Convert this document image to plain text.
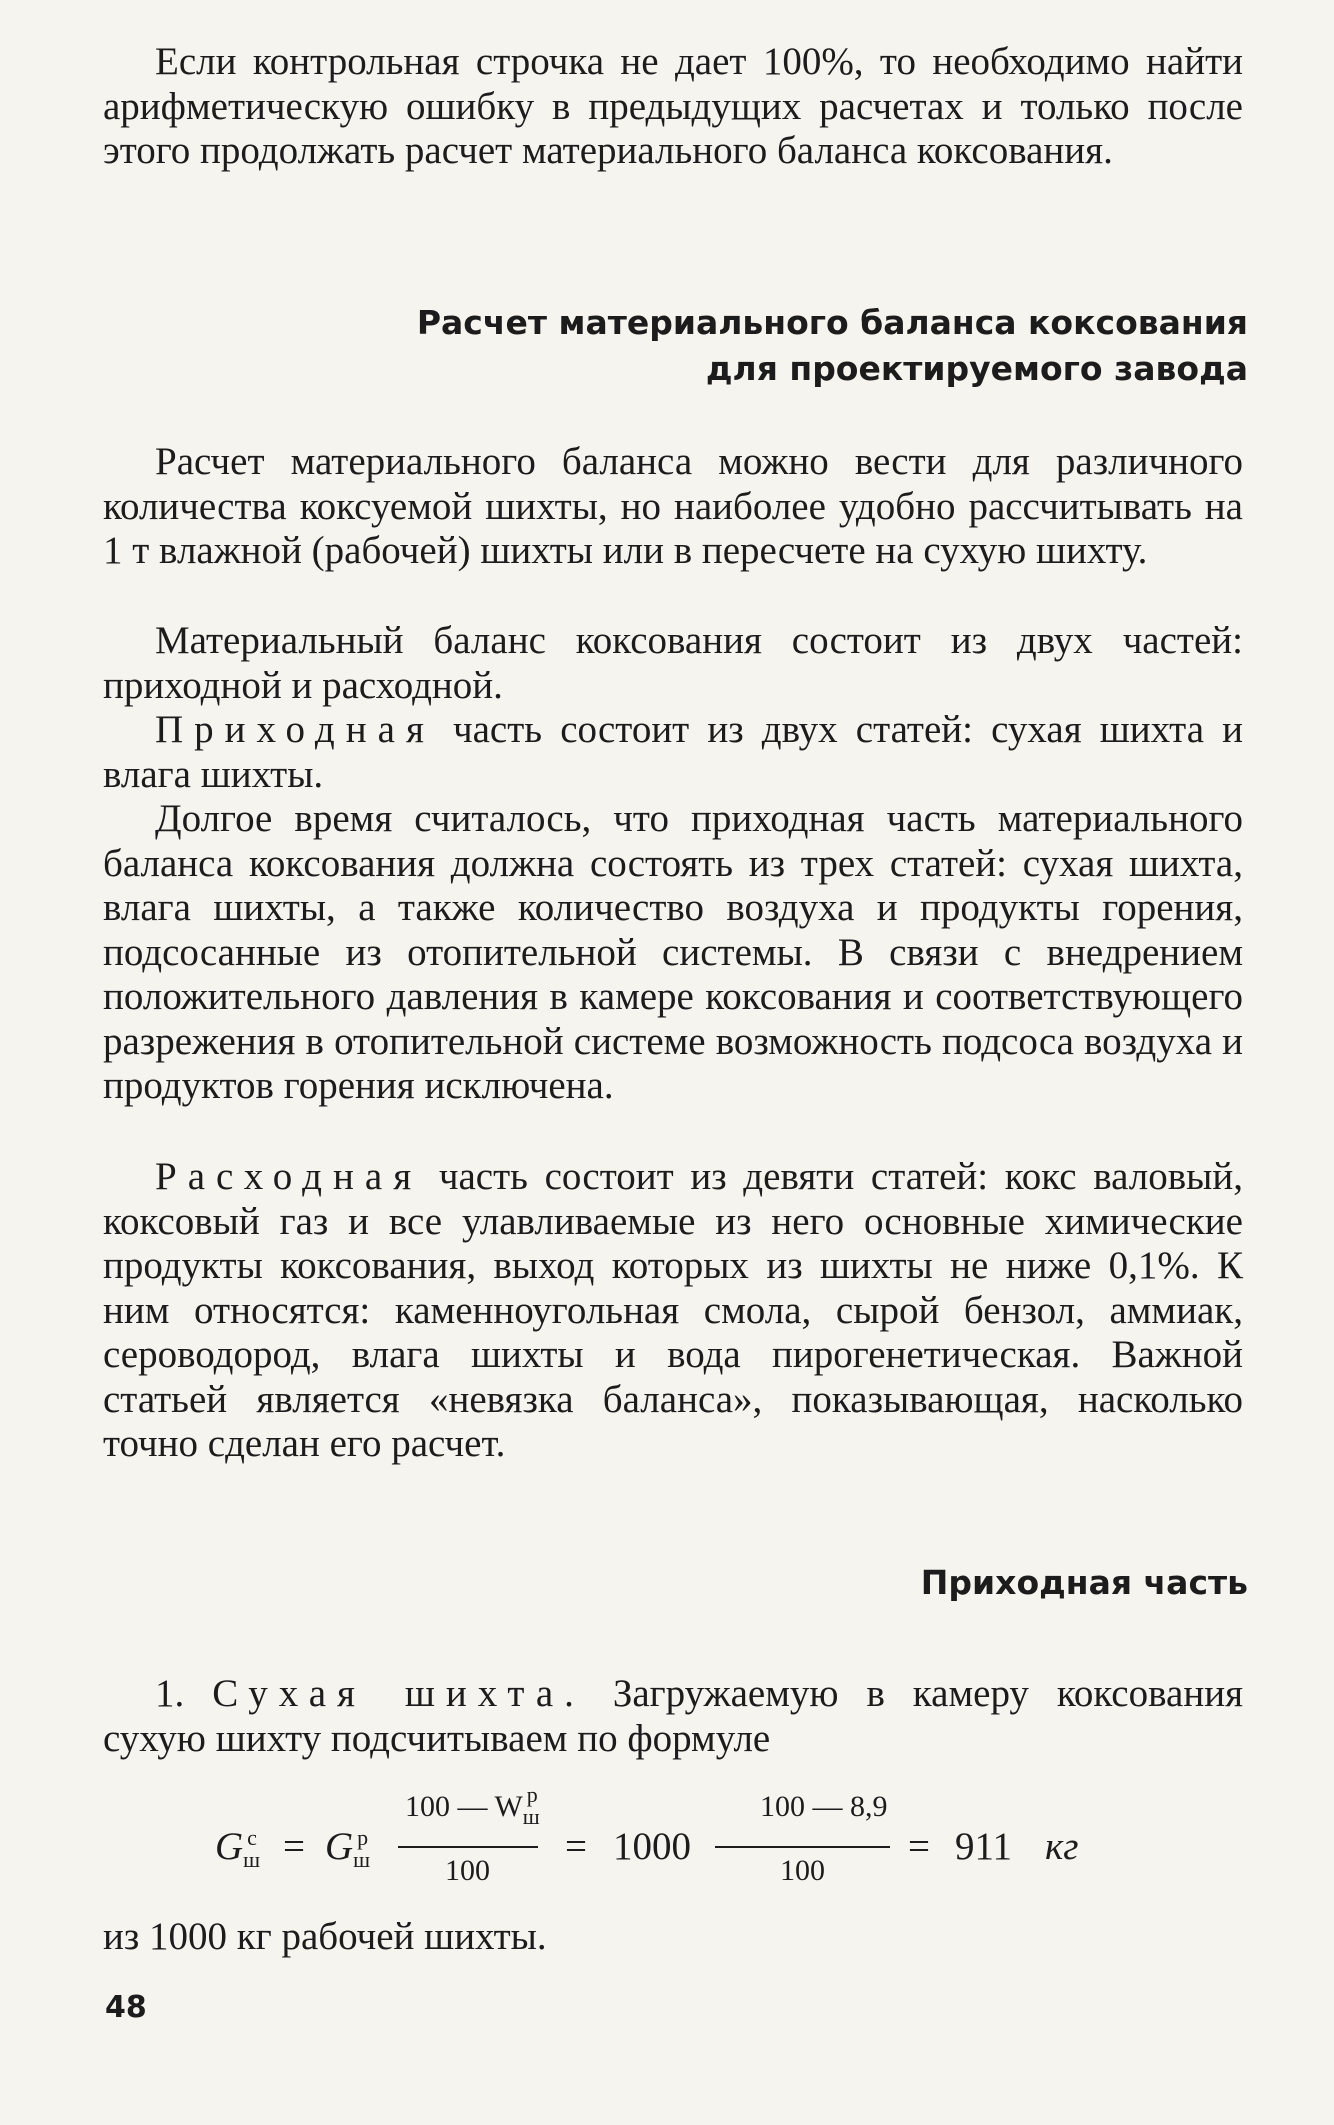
Если контрольная строчка не дает 100%, то необходимо найти арифметическую ошибку в предыдущих расчетах и только после этого продолжать расчет материального баланса коксования.

Расчет материального баланса коксования
для проектируемого завода

Расчет материального баланса можно вести для различного количества коксуемой шихты, но наиболее удобно рассчитывать на 1 т влажной (рабочей) шихты или в пересчете на сухую шихту.

Материальный баланс коксования состоит из двух частей: приходной и расходной.

Приходная часть состоит из двух статей: сухая шихта и влага шихты.

Долгое время считалось, что приходная часть материального баланса коксования должна состоять из трех статей: сухая шихта, влага шихты, а также количество воздуха и продукты горения, подсосанные из отопительной системы. В связи с внедрением положительного давления в камере коксования и соответствующего разрежения в отопительной системе возможность подсоса воздуха и продуктов горения исключена.

Расходная часть состоит из девяти статей: кокс валовый, коксовый газ и все улавливаемые из него основные химические продукты коксования, выход которых из шихты не ниже 0,1%. К ним относятся: каменноугольная смола, сырой бензол, аммиак, сероводород, влага шихты и вода пирогенетическая. Важной статьей является «невязка баланса», показывающая, насколько точно сделан его расчет.

Приходная часть

1. Сухая шихта. Загружаемую в камеру коксования сухую шихту подсчитываем по формуле

$G_ш^с = G_ш^р$
100 — $W_ш^р$
100
= 1000
100 — 8,9
100
= 911 кг

из 1000 кг рабочей шихты.

48
